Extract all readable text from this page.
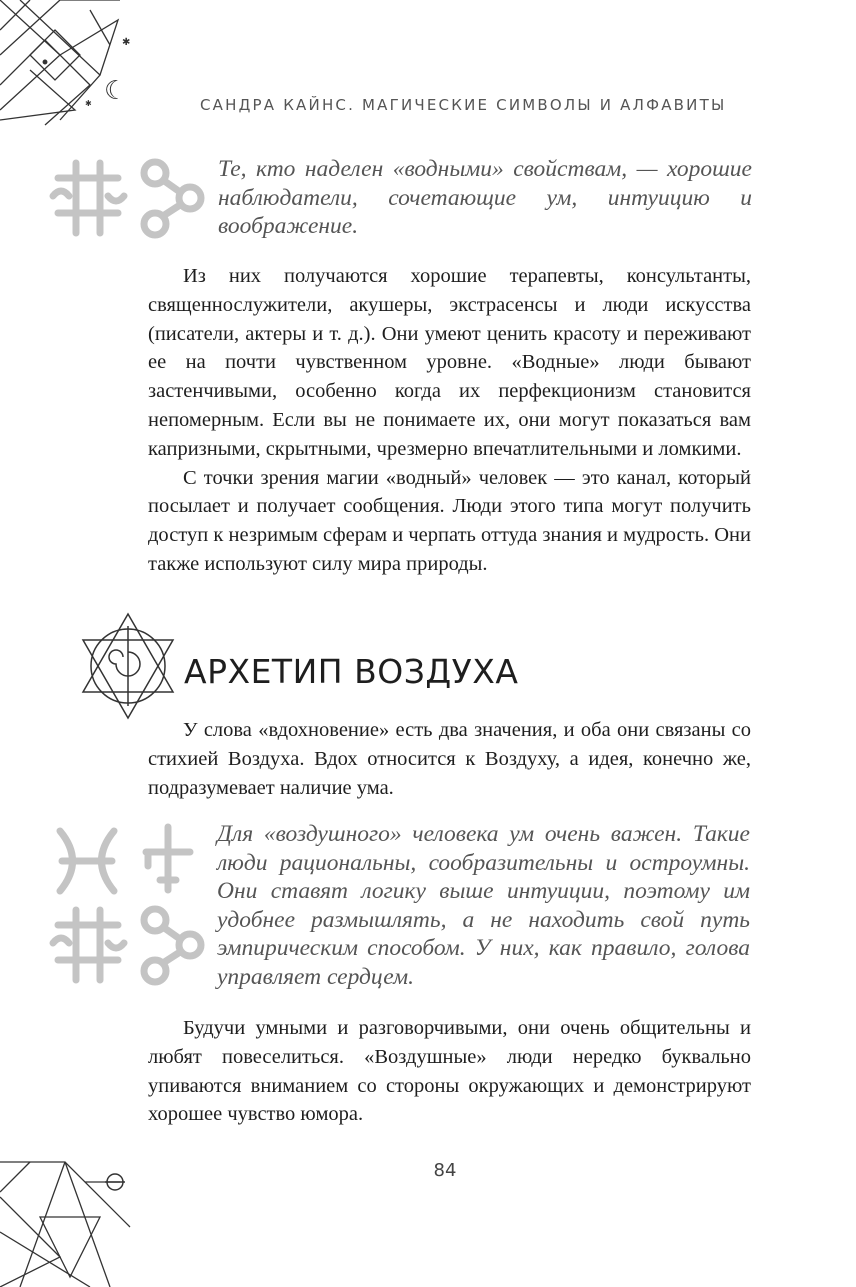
☾
✱
✱	САНДРА КАЙНС. МАГИЧЕСКИЕ СИМВОЛЫ И АЛФАВИТЫ
Те, кто наделен «водными» свойствам, — хорошие наблюдатели, сочетающие ум, интуицию и воображение.

Из них получаются хорошие терапевты, консультанты, священнослужители, акушеры, экстрасенсы и люди искусства (писатели, актеры и т. д.). Они умеют ценить красоту и переживают ее на почти чувственном уровне. «Водные» люди бывают застенчивыми, особенно когда их перфекционизм становится непомерным. Если вы не понимаете их, они могут показаться вам капризными, скрытными, чрезмерно впечатлительными и ломкими.

С точки зрения магии «водный» человек — это канал, который посылает и получает сообщения. Люди этого типа могут получить доступ к незримым сферам и черпать оттуда знания и мудрость. Они также используют силу мира природы.

АРХЕТИП ВОЗДУХА

У слова «вдохновение» есть два значения, и оба они связаны со стихией Воздуха. Вдох относится к Воздуху, а идея, конечно же, подразумевает наличие ума.

Для «воздушного» человека ум очень важен. Такие люди рациональны, сообразительны и остроумны. Они ставят логику выше интуиции, поэтому им удобнее размышлять, а не находить свой путь эмпирическим способом. У них, как правило, голова управляет сердцем.

Будучи умными и разговорчивыми, они очень общительны и любят повеселиться. «Воздушные» люди нередко буквально упиваются вниманием со стороны окружающих и демонстрируют хорошее чувство юмора.

84
